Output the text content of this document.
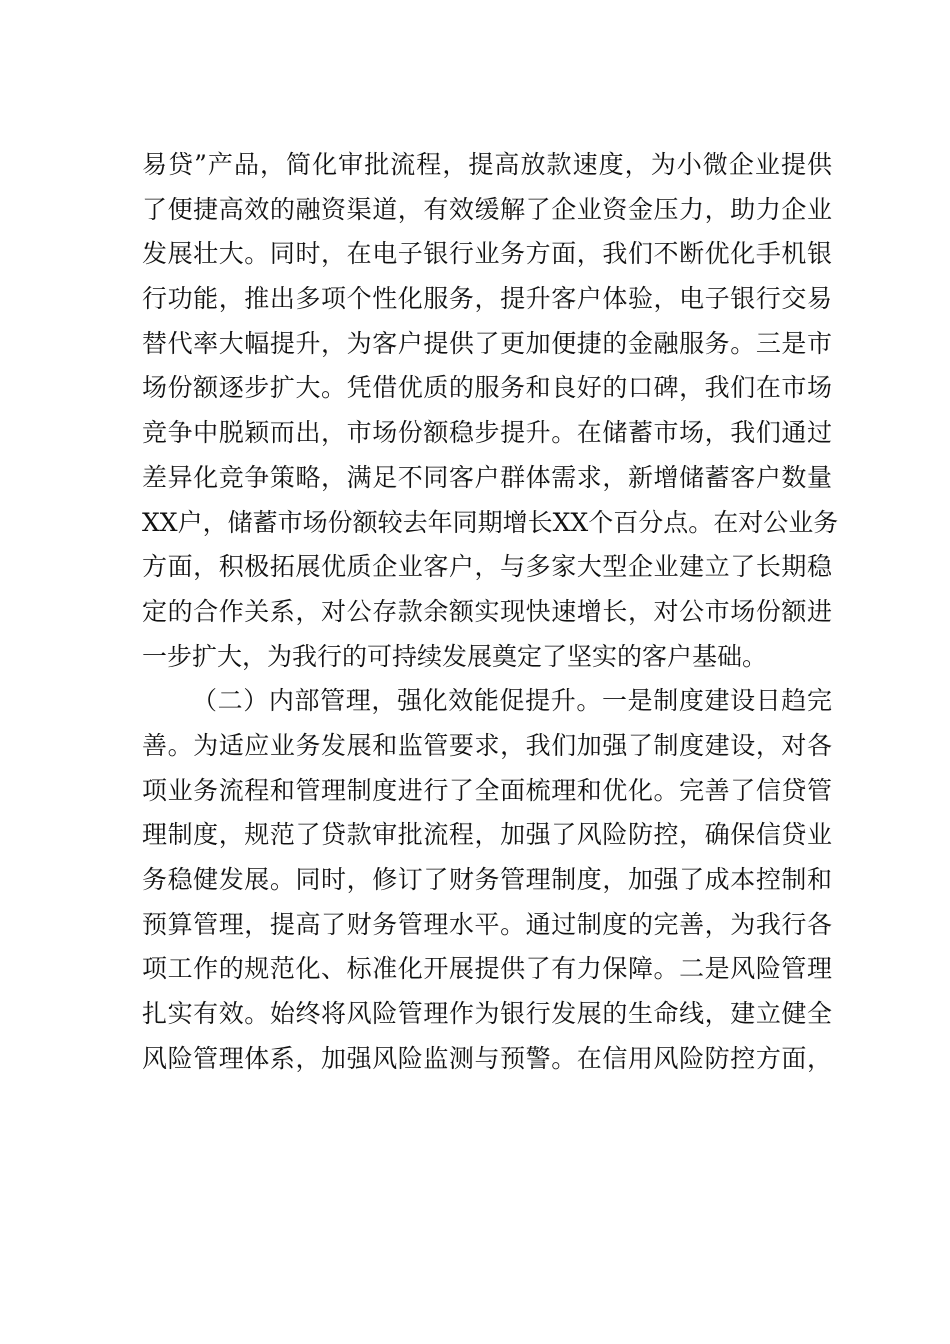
易贷”产品，简化审批流程，提高放款速度，为小微企业提供
了便捷高效的融资渠道，有效缓解了企业资金压力，助力企业
发展壮大。同时，在电子银行业务方面，我们不断优化手机银
行功能，推出多项个性化服务，提升客户体验，电子银行交易
替代率大幅提升，为客户提供了更加便捷的金融服务。三是市
场份额逐步扩大。凭借优质的服务和良好的口碑，我们在市场
竞争中脱颖而出，市场份额稳步提升。在储蓄市场，我们通过
差异化竞争策略，满足不同客户群体需求，新增储蓄客户数量
XX户，储蓄市场份额较去年同期增长XX个百分点。在对公业务
方面，积极拓展优质企业客户，与多家大型企业建立了长期稳
定的合作关系，对公存款余额实现快速增长，对公市场份额进
一步扩大，为我行的可持续发展奠定了坚实的客户基础。
（二）内部管理，强化效能促提升。一是制度建设日趋完
善。为适应业务发展和监管要求，我们加强了制度建设，对各
项业务流程和管理制度进行了全面梳理和优化。完善了信贷管
理制度，规范了贷款审批流程，加强了风险防控，确保信贷业
务稳健发展。同时，修订了财务管理制度，加强了成本控制和
预算管理，提高了财务管理水平。通过制度的完善，为我行各
项工作的规范化、标准化开展提供了有力保障。二是风险管理
扎实有效。始终将风险管理作为银行发展的生命线，建立健全
风险管理体系，加强风险监测与预警。在信用风险防控方面，
